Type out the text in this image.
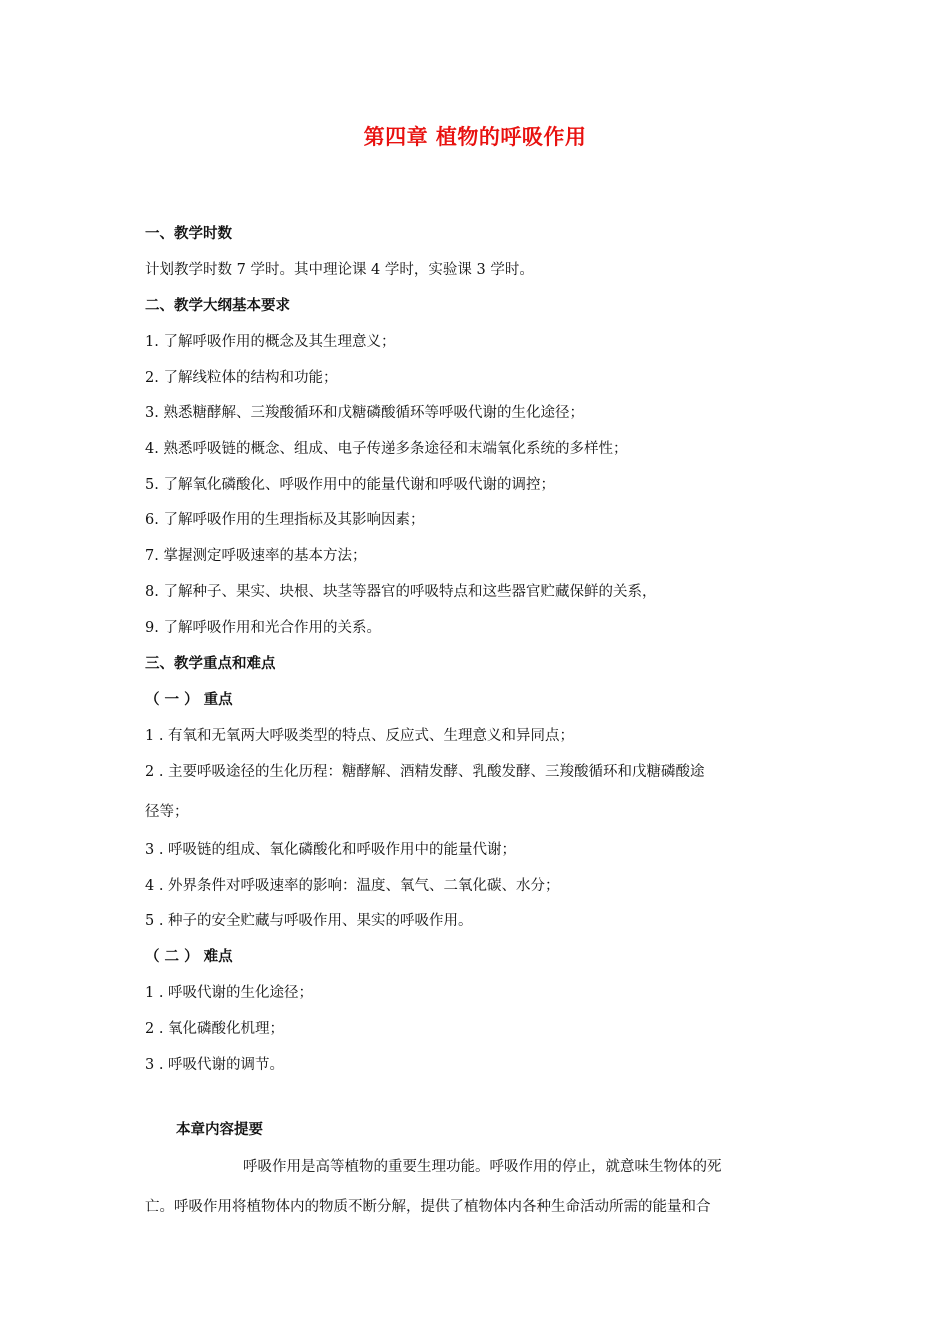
第四章 植物的呼吸作用
一、教学时数
计划教学时数 7 学时。其中理论课 4 学时，实验课 3 学时。
二、教学大纲基本要求
1. 了解呼吸作用的概念及其生理意义；
2. 了解线粒体的结构和功能；
3. 熟悉糖酵解、三羧酸循环和戊糖磷酸循环等呼吸代谢的生化途径；
4. 熟悉呼吸链的概念、组成、电子传递多条途径和末端氧化系统的多样性；
5. 了解氧化磷酸化、呼吸作用中的能量代谢和呼吸代谢的调控；
6. 了解呼吸作用的生理指标及其影响因素；
7. 掌握测定呼吸速率的基本方法；
8. 了解种子、果实、块根、块茎等器官的呼吸特点和这些器官贮藏保鲜的关系，
9. 了解呼吸作用和光合作用的关系。
三、教学重点和难点
（ 一 ） 重点
1 . 有氧和无氧两大呼吸类型的特点、反应式、生理意义和异同点；
2 . 主要呼吸途径的生化历程：糖酵解、酒精发酵、乳酸发酵、三羧酸循环和戊糖磷酸途
径等；
3 . 呼吸链的组成、氧化磷酸化和呼吸作用中的能量代谢；
4 . 外界条件对呼吸速率的影响：温度、氧气、二氧化碳、水分；
5 . 种子的安全贮藏与呼吸作用、果实的呼吸作用。
（ 二 ） 难点
1 . 呼吸代谢的生化途径；
2 . 氧化磷酸化机理；
3 . 呼吸代谢的调节。
本章内容提要
呼吸作用是高等植物的重要生理功能。呼吸作用的停止，就意味生物体的死
亡。呼吸作用将植物体内的物质不断分解，提供了植物体内各种生命活动所需的能量和合
